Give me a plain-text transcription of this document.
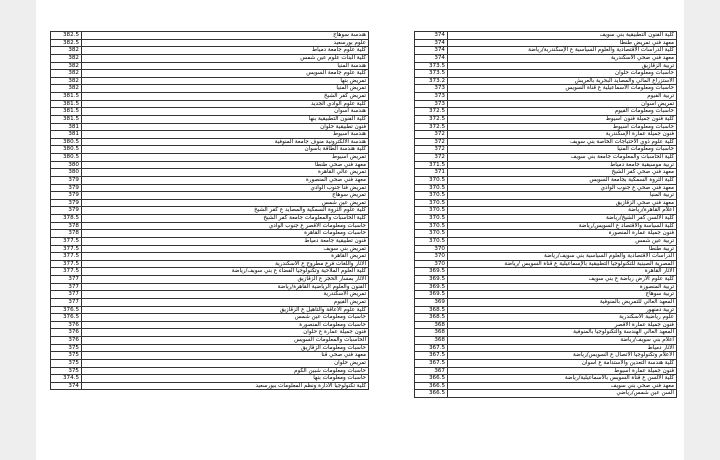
382.5	هندسة سوهاج
382.5	علوم بورسعيد
382	كلية علوم جامعة دمياط
382	كلية البنات علوم عين شمس
382	هندسة المنيا
382	كلية علوم جامعة السويس
382	تمريض بنها
382	تمريض المنيا
381.5	تمريض كفر الشيخ
381.5	كلية علوم الوادي الجديد
381.5	هندسة أسوان
381.5	كلية الفنون التطبيقية بنها
381	فنون تطبيقية حلوان
381	هندسة أسيوط
380.5	هندسة الالكترونية منوف جامعة المنوفية
380.5	كلية هندسة الطاقة بأسوان
380.5	تمريض اسيوط
380	معهد فني صحي طنطا
380	تمريض عالي القاهرة
379	معهد فني صحي المنصورة
379	تمريض فنا جنوب الوادي
379	تمريض سوهاج
379	تمريض عين شمس
379	كلية علوم الثروة السمكية والمصايد ع كفر الشيخ
378.5	كلية الحاسبات والمعلومات جامعة كفر الشيخ
378	حاسبات ومعلومات الاقصر ع جنوب الوادي
378	حاسبات ومعلومات القاهرة
377.5	فنون تطبيقية جامعة دمياط
377.5	تمريض بني سويف
377.5	تمريض القاهرة
377.5	الآثار واللغات فرع مطروح ع الاسكندرية
377.5	كلية العلوم الملاحية وتكنولوجيا الفضاء ع بني سويف/رياضة
377	الآثار بمسار الحجر ع الزقازيق
377	الفنون والعلوم الرياضية القاهرة/رياضة
377	تمريض الاسكندرية
377	تمريض الفيوم
376.5	كلية علوم الاعاقة والتأهيل ع الزقازيق
376.5	حاسبات ومعلومات عين شمس
376	حاسبات ومعلومات المنصورة
376	فنون جميلة عمارة ع حلوان
376	الحاسبات والمعلومات السويس
375	حاسبات ومعلومات الزقازيق
375	معهد فني صحي قنا
375	تمريض حلوان
375	حاسبات ومعلومات شبين الكوم
374.5	حاسبات ومعلومات بنها
374	كلية تكنولوجيا الادارة ونظم المعلومات ببورسعيد
374	كلية الفنون التطبيقية بني سويف
374	معهد فني تمريض طنطا
374	كلية الدراسات الاقتصادية والعلوم السياسية ع الإسكندرية/رياضة
374	معهد فني صحي الاسكندرية
373.5	تربية الزقازيق
373.5	حاسبات ومعلومات حلوان
373.2	الاستزراع المائي والمصايد البحرية بالعريش
373	حاسبات ومعلومات الاسماعيلية ع قناة السويس
373	تربية الفيوم
373	تمريض أسوان
372.5	حاسبات ومعلومات الفيوم
372.5	كلية فنون جميلة فنون اسيوط
372.5	حاسبات ومعلومات اسيوط
372	فنون جميلة عمارة الإسكندرية
372	كلية علوم ذوي الاحتياجات الخاصة بني سويف
372	حاسبات ومعلومات المنيا
372	كلية الحاسبات والمعلومات جامعة بني سويف
371.5	تربية موسيقية جامعة دمياط
371	معهد فني صحي كفر الشيخ
370.5	كلية الثروة السمكية بجامعة السويس
370.5	معهد فني صحي ع جنوب الوادي
370.5	تربية المنيا
370.5	معهد فني صحي الزقازيق
370.5	اعلام القاهرة/رياضة
370.5	كلية الألسن كفر الشيخ/رياضة
370.5	كلية السياسة والاقتصاد ع السويس/رياضة
370.5	فنون جميلة عمارة المنصورة
370.5	تربية عين شمس
370	تربية طنطا
370	الدراسات الاقتصادية والعلوم السياسية بني سويف/رياضة
370	المصرية الصينية للتكنولوجيا التطبيقية بالإسماعيلية ع قناة السويس /رياضة
369.5	الآثار القاهرة
369.5	كلية علوم الأرض رياضة ع بني سويف
369.5	تربية المنصورة
369.5	تربية سوهاج
369	المعهد العالي للتمريض بالمنوفية
368.5	تربية دمنهور
368.5	علوم رياضية الاسكندرية
368	فنون جميلة عمارة الأقصر
368	المعهد العالي الهندسة والتكنولوجيا بالمنوفية
368	اعلام بني سويف/رياضة
367.5	الآثار دمياط
367.5	الاعلام وتكنولوجيا الاتصال ع السويس/رياضة
367.5	كلية هندسة التعدين والاستدامة ع اسوان
367	فنون جميلة عمارة اسيوط
366.5	كلية الألسن ع قناة السويس بالاسماعيلية/رياضة
366.5	معهد فني صحي بني سويف
366.5	ألسن عين شمس/رياضي
